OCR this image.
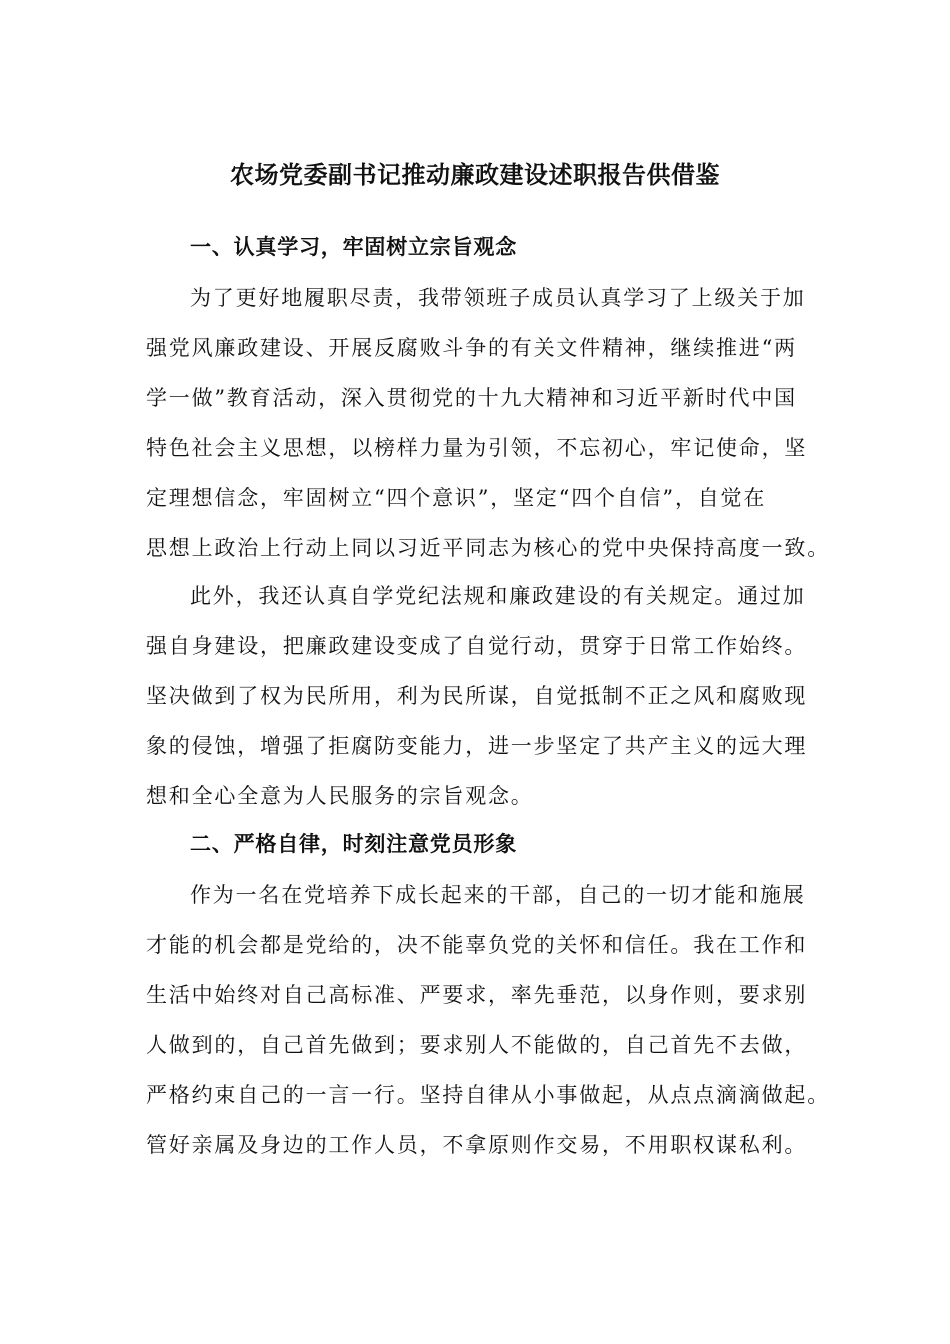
农场党委副书记推动廉政建设述职报告供借鉴
一、认真学习，牢固树立宗旨观念
为了更好地履职尽责，我带领班子成员认真学习了上级关于加
强党风廉政建设、开展反腐败斗争的有关文件精神，继续推进“两
学一做”教育活动，深入贯彻党的十九大精神和习近平新时代中国
特色社会主义思想，以榜样力量为引领，不忘初心，牢记使命，坚
定理想信念，牢固树立“四个意识”，坚定“四个自信”，自觉在
思想上政治上行动上同以习近平同志为核心的党中央保持高度一致。
此外，我还认真自学党纪法规和廉政建设的有关规定。通过加
强自身建设，把廉政建设变成了自觉行动，贯穿于日常工作始终。
坚决做到了权为民所用，利为民所谋，自觉抵制不正之风和腐败现
象的侵蚀，增强了拒腐防变能力，进一步坚定了共产主义的远大理
想和全心全意为人民服务的宗旨观念。
二、严格自律，时刻注意党员形象
作为一名在党培养下成长起来的干部，自己的一切才能和施展
才能的机会都是党给的，决不能辜负党的关怀和信任。我在工作和
生活中始终对自己高标准、严要求，率先垂范，以身作则，要求别
人做到的，自己首先做到；要求别人不能做的，自己首先不去做，
严格约束自己的一言一行。坚持自律从小事做起，从点点滴滴做起。
管好亲属及身边的工作人员，不拿原则作交易，不用职权谋私利。
